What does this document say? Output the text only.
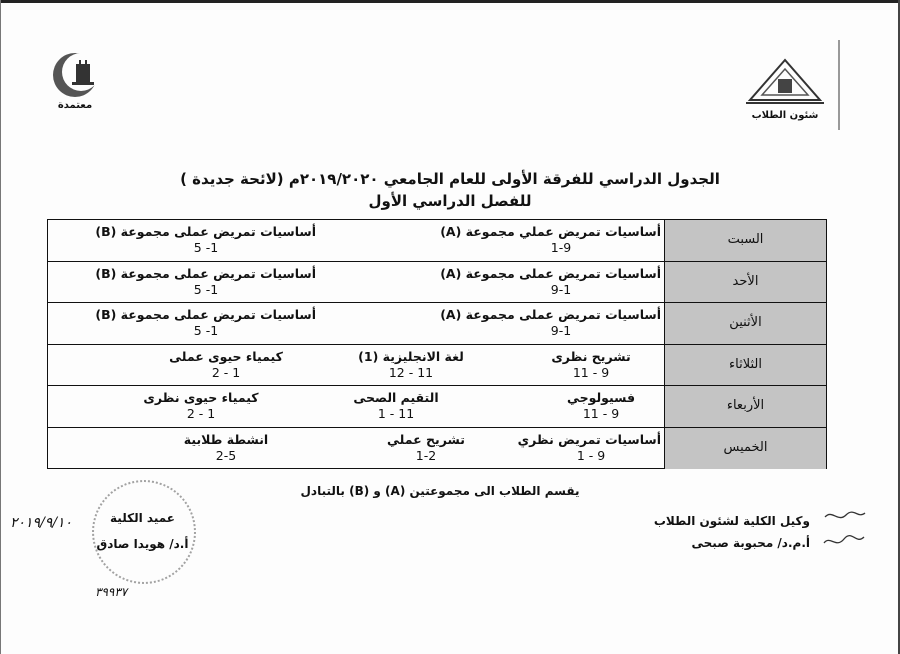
معتمدة
شئون الطلاب
الجدول الدراسي للفرقة الأولى للعام الجامعي ٢٠١٩/٢٠٢٠م (لائحة جديدة )
للفصل الدراسي الأول
السبت
أساسيات تمريض عملي مجموعة (A)
1-9
أساسيات تمريض عملى مجموعة (B)
1- 5
الأحد
أساسيات تمريض عملى مجموعة (A)
9-1
أساسيات تمريض عملى مجموعة (B)
1- 5
الأثنين
أساسيات تمريض عملى مجموعة (A)
9-1
أساسيات تمريض عملى مجموعة (B)
1- 5
الثلاثاء
تشريح نظرى
9 - 11
لغة الانجليزية (1)
11 - 12
كيمياء حيوى عملى
1 - 2
الأربعاء
فسيولوجي
9 - 11
التقيم الصحى
11 - 1
كيمياء حيوى نظرى
1 - 2
الخميس
أساسيات تمريض نظري
9 - 1
تشريح عملي
1-2
انشطة طلابية
2-5
يقسم الطلاب الى مجموعتين (A) و (B) بالتبادل
عميد الكلية
أ.د/ هويدا صادق
وكيل الكلية لشئون الطلاب
أ.م.د/ محبوبة صبحى
٢٠١٩/٩/١٠
٣٩٩٣٧
